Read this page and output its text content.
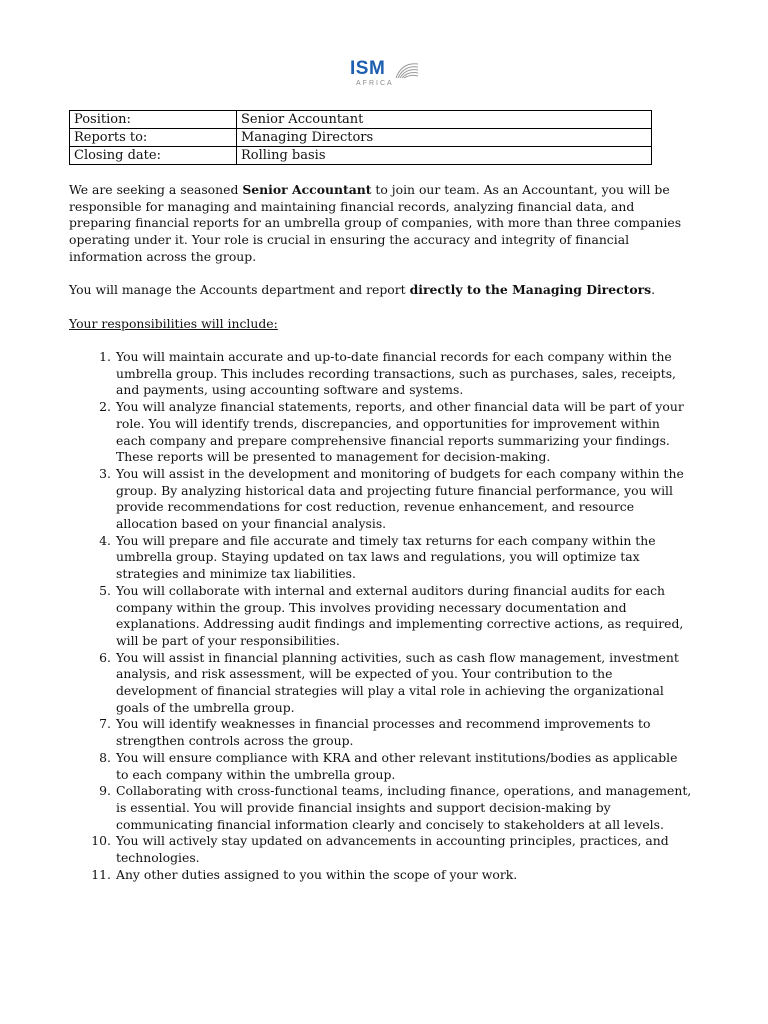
ISM
AFRICA
Position:	Senior Accountant
Reports to:	Managing Directors
Closing date:	Rolling basis

We are seeking a seasoned Senior Accountant to join our team. As an Accountant, you will be responsible for managing and maintaining financial records, analyzing financial data, and preparing financial reports for an umbrella group of companies, with more than three companies operating under it. Your role is crucial in ensuring the accuracy and integrity of financial information across the group.

You will manage the Accounts department and report directly to the Managing Directors.

Your responsibilities will include:

1. You will maintain accurate and up-to-date financial records for each company within the umbrella group. This includes recording transactions, such as purchases, sales, receipts, and payments, using accounting software and systems.
2. You will analyze financial statements, reports, and other financial data will be part of your role. You will identify trends, discrepancies, and opportunities for improvement within each company and prepare comprehensive financial reports summarizing your findings. These reports will be presented to management for decision-making.
3. You will assist in the development and monitoring of budgets for each company within the group. By analyzing historical data and projecting future financial performance, you will provide recommendations for cost reduction, revenue enhancement, and resource allocation based on your financial analysis.
4. You will prepare and file accurate and timely tax returns for each company within the umbrella group. Staying updated on tax laws and regulations, you will optimize tax strategies and minimize tax liabilities.
5. You will collaborate with internal and external auditors during financial audits for each company within the group. This involves providing necessary documentation and explanations. Addressing audit findings and implementing corrective actions, as required, will be part of your responsibilities.
6. You will assist in financial planning activities, such as cash flow management, investment analysis, and risk assessment, will be expected of you. Your contribution to the development of financial strategies will play a vital role in achieving the organizational goals of the umbrella group.
7. You will identify weaknesses in financial processes and recommend improvements to strengthen controls across the group.
8. You will ensure compliance with KRA and other relevant institutions/bodies as applicable to each company within the umbrella group.
9. Collaborating with cross-functional teams, including finance, operations, and management, is essential. You will provide financial insights and support decision-making by communicating financial information clearly and concisely to stakeholders at all levels.
10. You will actively stay updated on advancements in accounting principles, practices, and technologies.
11. Any other duties assigned to you within the scope of your work.
